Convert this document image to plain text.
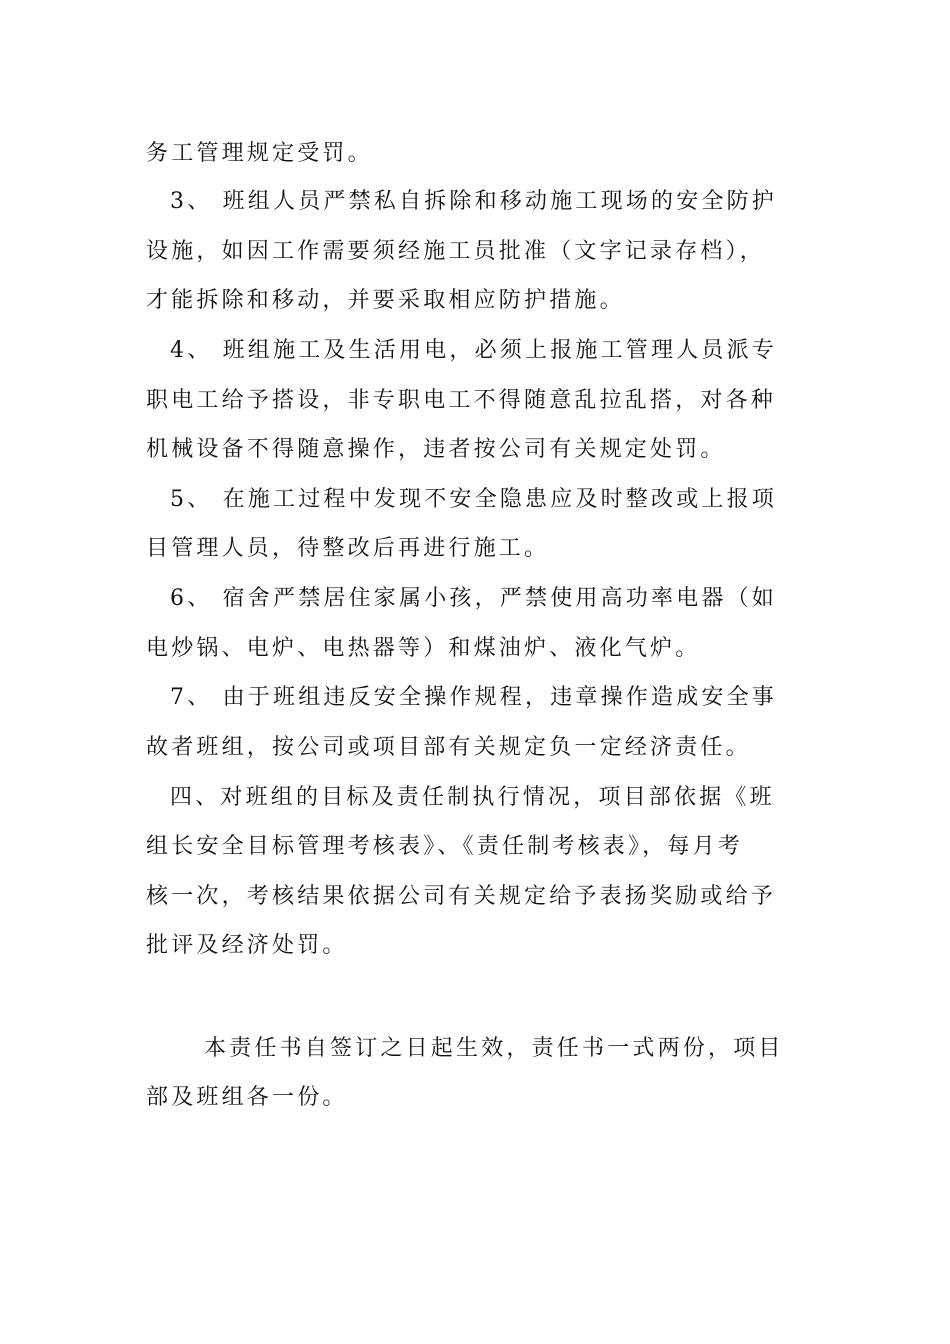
务工管理规定受罚。
3、 班组人员严禁私自拆除和移动施工现场的安全防护
设施，如因工作需要须经施工员批准（文字记录存档），
才能拆除和移动，并要采取相应防护措施。
4、 班组施工及生活用电，必须上报施工管理人员派专
职电工给予搭设，非专职电工不得随意乱拉乱搭，对各种
机械设备不得随意操作，违者按公司有关规定处罚。
5、 在施工过程中发现不安全隐患应及时整改或上报项
目管理人员，待整改后再进行施工。
6、 宿舍严禁居住家属小孩，严禁使用高功率电器（如
电炒锅、电炉、电热器等）和煤油炉、液化气炉。
7、 由于班组违反安全操作规程，违章操作造成安全事
故者班组，按公司或项目部有关规定负一定经济责任。
四、对班组的目标及责任制执行情况，项目部依据《班
组长安全目标管理考核表》、《责任制考核表》，每月考
核一次，考核结果依据公司有关规定给予表扬奖励或给予
批评及经济处罚。
本责任书自签订之日起生效，责任书一式两份，项目
部及班组各一份。
